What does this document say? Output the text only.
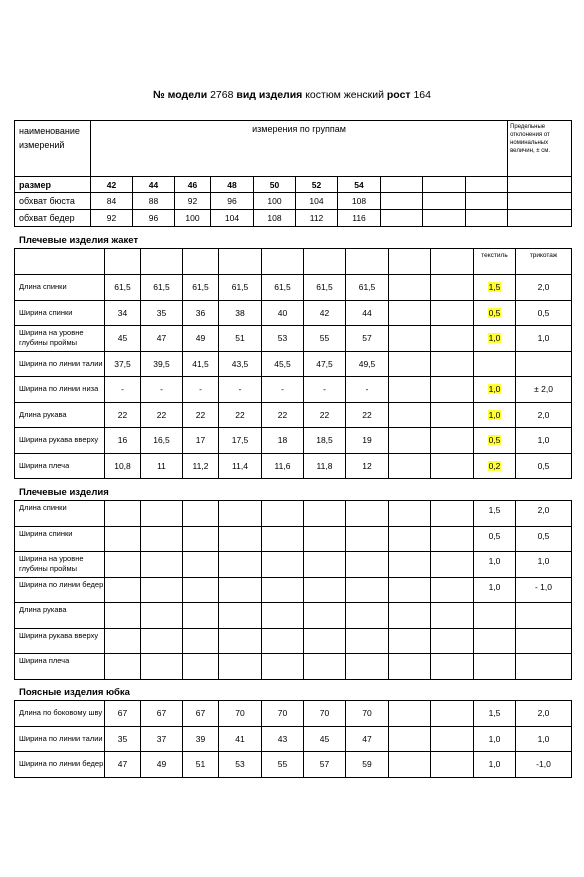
№ модели 2768 вид изделия костюм женский рост 164
наименование измерений	измерения по группам										Предельные отклонения от номинальных величин, ± см.
размер	42	44	46	48	50	52	54				
обхват бюста	84	88	92	96	100	104	108				
обхват бедер	92	96	100	104	108	112	116				
Плечевые изделия жакет
										текстиль	трикотаж
Длина спинки	61,5	61,5	61,5	61,5	61,5	61,5	61,5			1,5	2,0
Ширина спинки	34	35	36	38	40	42	44			0,5	0,5
Ширина на уровне глубины проймы	45	47	49	51	53	55	57			1,0	1,0
Ширина по линии талии	37,5	39,5	41,5	43,5	45,5	47,5	49,5				
Ширина по линии низа	-	-	-	-	-	-	-			1,0	± 2,0
Длина рукава	22	22	22	22	22	22	22			1,0	2,0
Ширина рукава вверху	16	16,5	17	17,5	18	18,5	19			0,5	1,0
Ширина плеча	10,8	11	11,2	11,4	11,6	11,8	12			0,2	0,5
Плечевые изделия
Длина спинки										1,5	2,0
Ширина спинки										0,5	0,5
Ширина на уровне глубины проймы										1,0	1,0
Ширина по линии бедер										1,0	- 1,0
Длина рукава											
Ширина рукава вверху											
Ширина плеча											
Поясные изделия юбка
Длина по боковому шву	67	67	67	70	70	70	70			1,5	2,0
Ширина по линии талии	35	37	39	41	43	45	47			1,0	1,0
Ширина по линии бедер	47	49	51	53	55	57	59			1,0	-1,0
